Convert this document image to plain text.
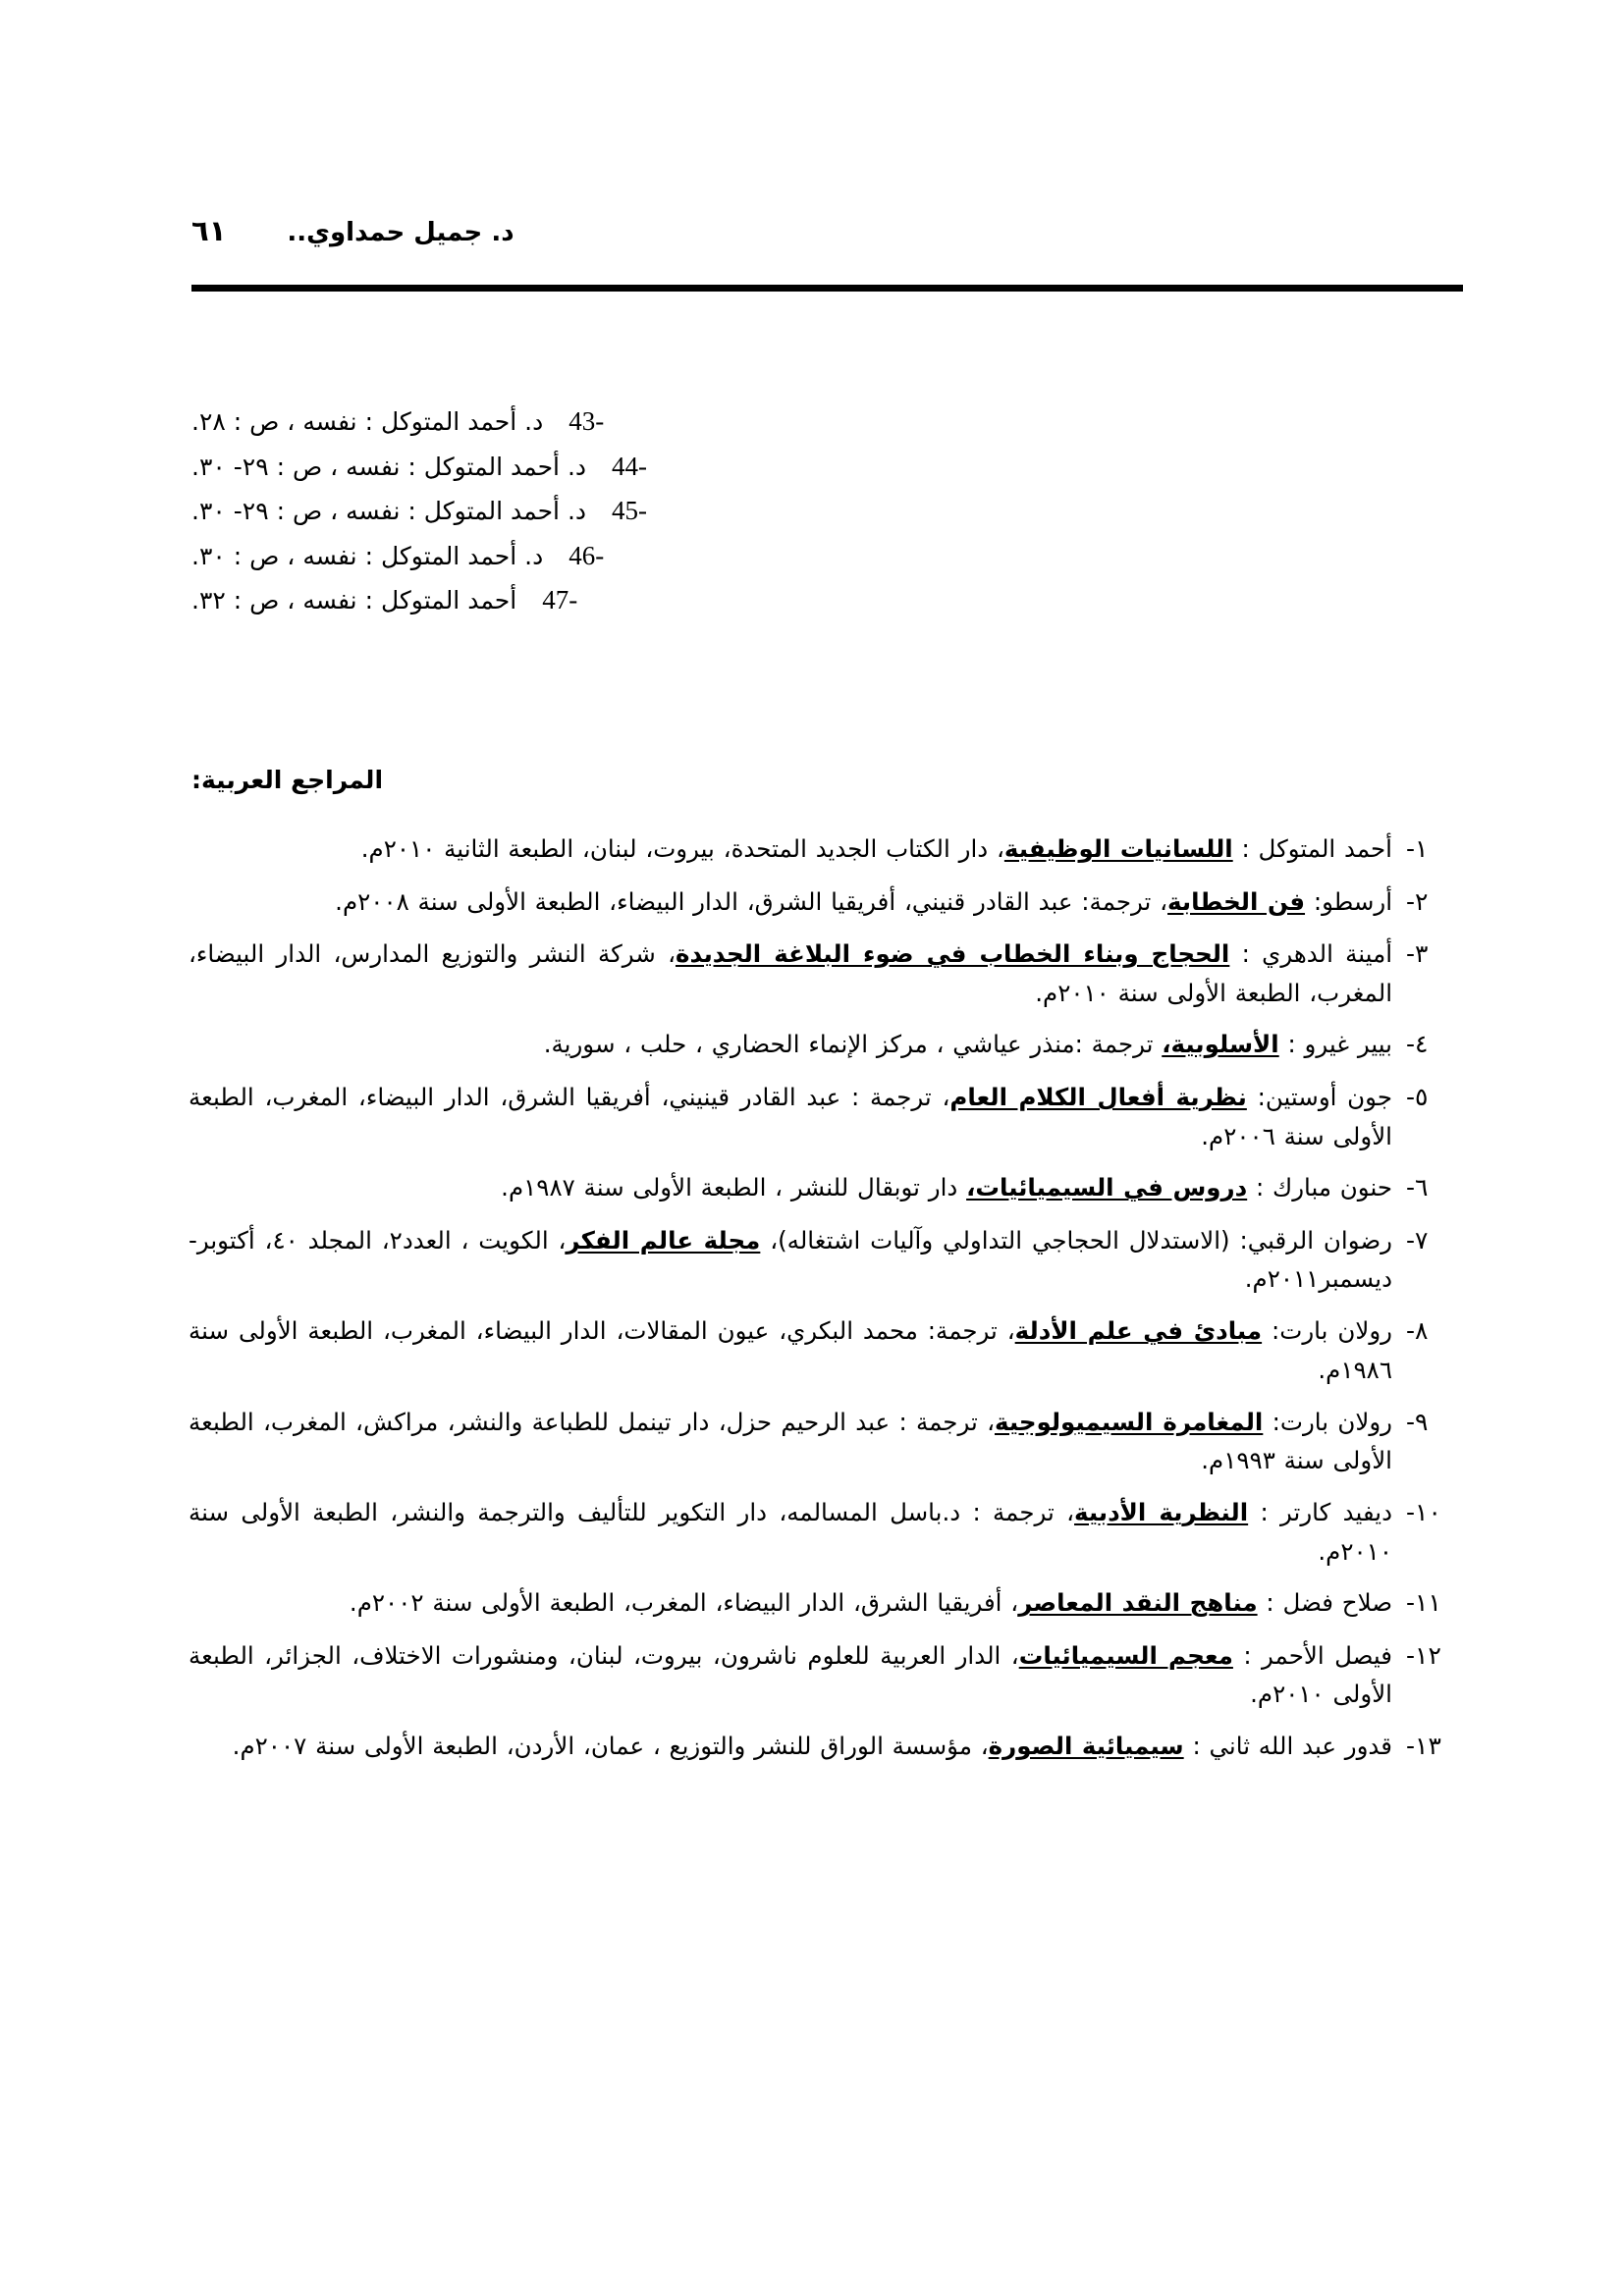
د. جميل حمداوي..
٦١
43-
د. أحمد المتوكل : نفسه ، ص : ٢٨.
44-
د. أحمد المتوكل : نفسه ، ص : ٢٩- ٣٠.
45-
د. أحمد المتوكل : نفسه ، ص : ٢٩- ٣٠.
46-
د. أحمد المتوكل : نفسه ، ص : ٣٠.
47-
أحمد المتوكل : نفسه ، ص : ٣٢.
المراجع العربية:
١-
أحمد المتوكل : اللسانيات الوظيفية، دار الكتاب الجديد المتحدة، بيروت، لبنان، الطبعة الثانية ٢٠١٠م.
٢-
أرسطو: فن الخطابة، ترجمة: عبد القادر قنيني، أفريقيا الشرق، الدار البيضاء، الطبعة الأولى سنة ٢٠٠٨م.
٣-
أمينة الدهري : الحجاج وبناء الخطاب في ضوء البلاغة الجديدة، شركة النشر والتوزيع المدارس، الدار البيضاء، المغرب، الطبعة الأولى سنة ٢٠١٠م.
٤-
بيير غيرو : الأسلوبية، ترجمة :منذر عياشي ، مركز الإنماء الحضاري ، حلب ، سورية.
٥-
جون أوستين: نظرية أفعال الكلام العام، ترجمة : عبد القادر قينيني، أفريقيا الشرق، الدار البيضاء، المغرب، الطبعة الأولى سنة ٢٠٠٦م.
٦-
حنون مبارك : دروس في السيميائيات، دار توبقال للنشر ، الطبعة الأولى سنة ١٩٨٧م.
٧-
رضوان الرقبي: (الاستدلال الحجاجي التداولي وآليات اشتغاله)، مجلة عالم الفكر، الكويت ، العدد٢، المجلد ٤٠، أكتوبر- ديسمبر٢٠١١م.
٨-
رولان بارت: مبادئ في علم الأدلة، ترجمة: محمد البكري، عيون المقالات، الدار البيضاء، المغرب، الطبعة الأولى سنة ١٩٨٦م.
٩-
رولان بارت: المغامرة السيميولوجية، ترجمة : عبد الرحيم حزل، دار تينمل للطباعة والنشر، مراكش، المغرب، الطبعة الأولى سنة ١٩٩٣م.
١٠-
ديفيد كارتر : النظرية الأدبية، ترجمة : د.باسل المسالمه، دار التكوير للتأليف والترجمة والنشر، الطبعة الأولى سنة ٢٠١٠م.
١١-
صلاح فضل : مناهج النقد المعاصر، أفريقيا الشرق، الدار البيضاء، المغرب، الطبعة الأولى سنة ٢٠٠٢م.
١٢-
فيصل الأحمر : معجم السيميائيات، الدار العربية للعلوم ناشرون، بيروت، لبنان، ومنشورات الاختلاف، الجزائر، الطبعة الأولى ٢٠١٠م.
١٣-
قدور عبد الله ثاني : سيميائية الصورة، مؤسسة الوراق للنشر والتوزيع ، عمان، الأردن، الطبعة الأولى سنة ٢٠٠٧م.
